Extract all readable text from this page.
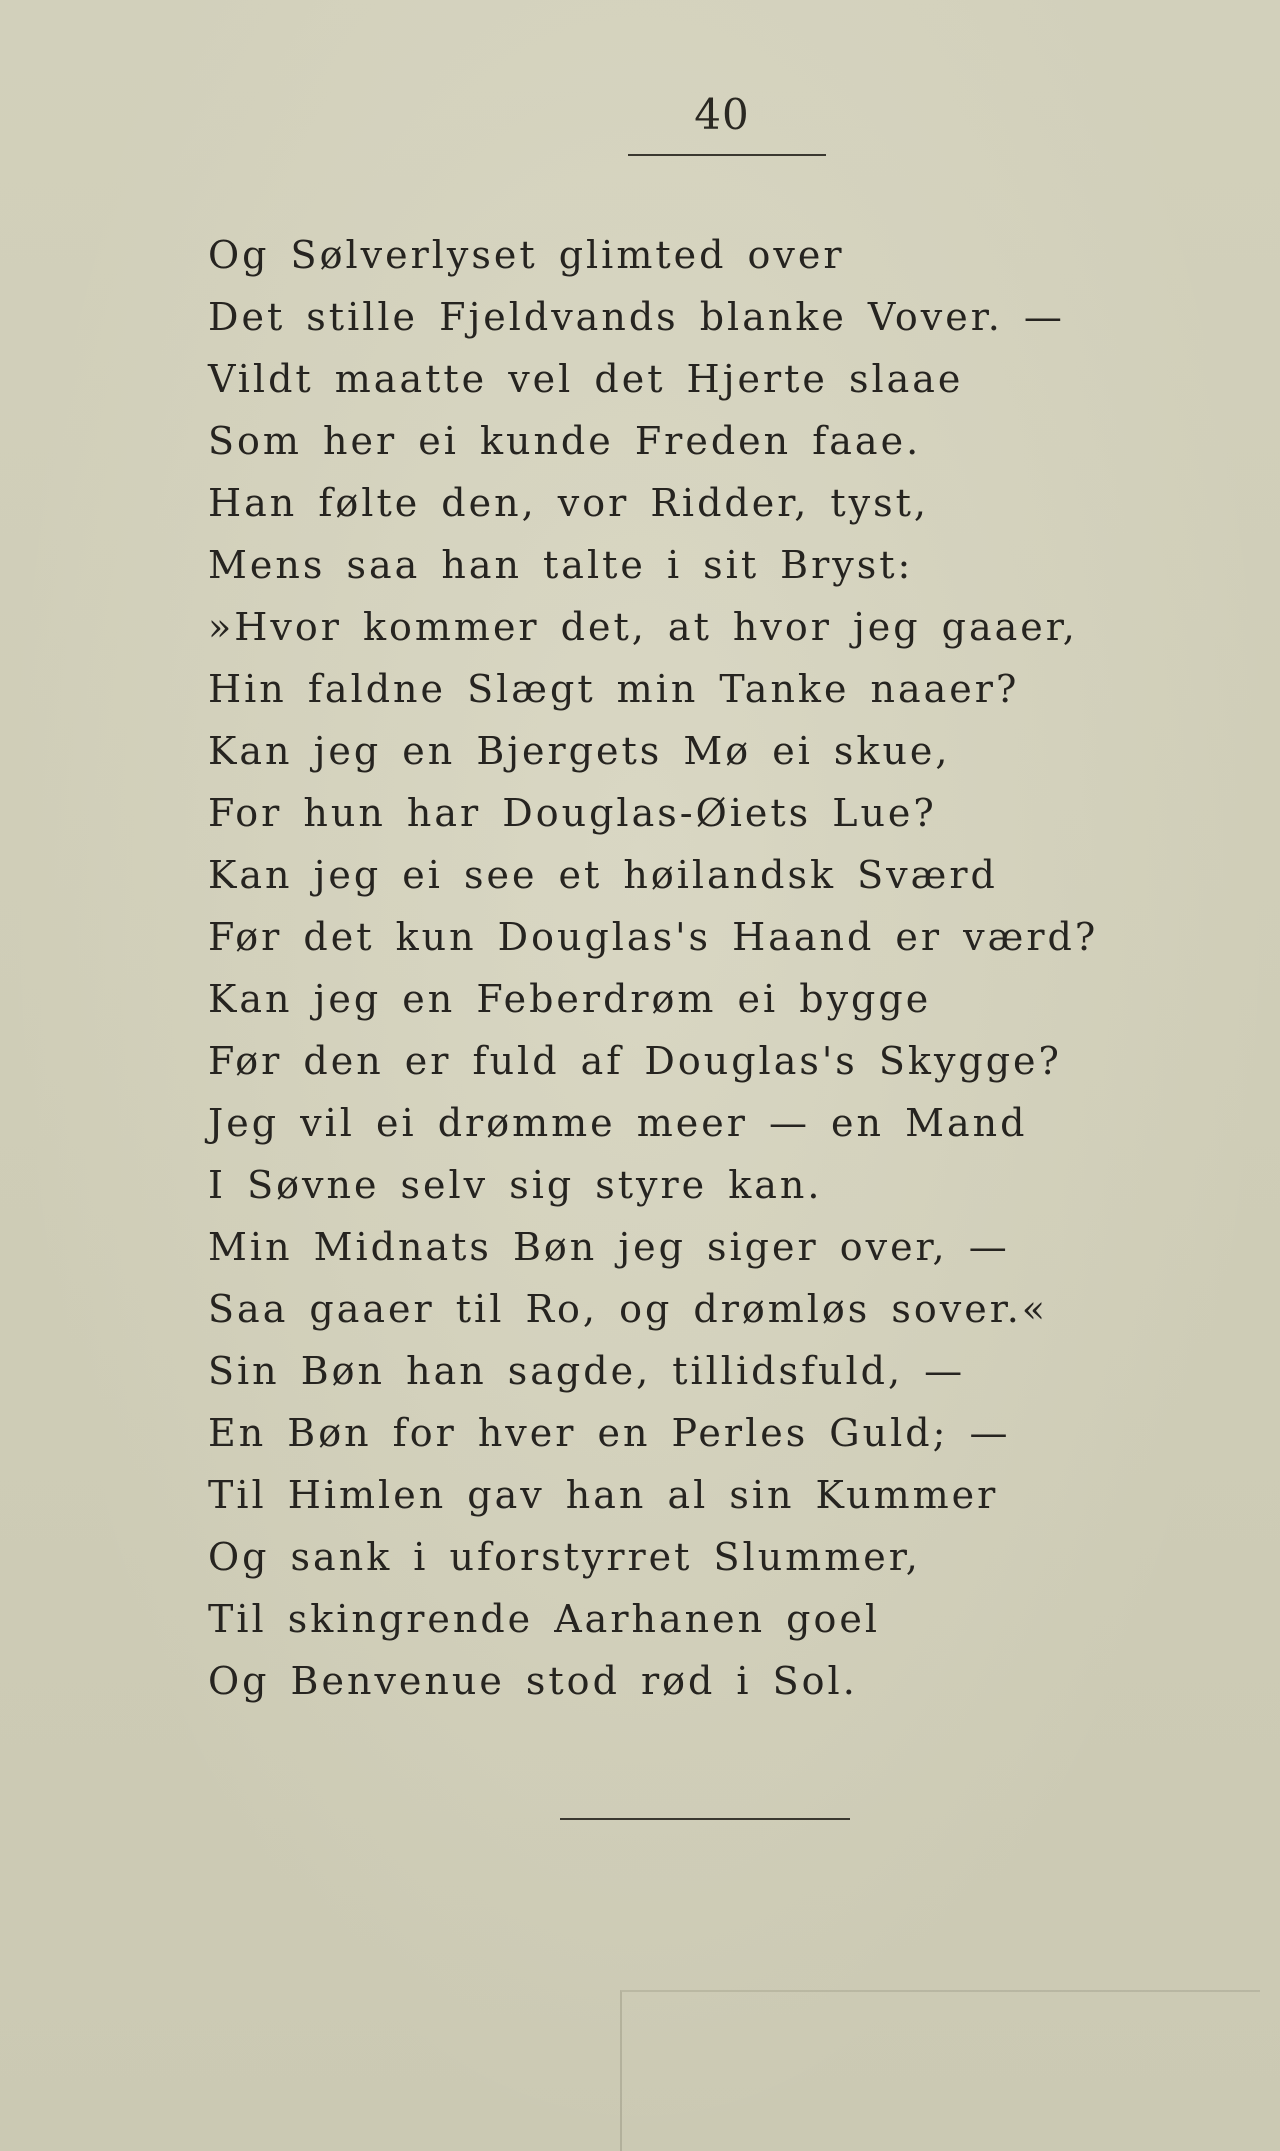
40
Og Sølverlyset glimted over
Det stille Fjeldvands blanke Vover. —
Vildt maatte vel det Hjerte slaae
Som her ei kunde Freden faae.
Han følte den, vor Ridder, tyst,
Mens saa han talte i sit Bryst:
»Hvor kommer det, at hvor jeg gaaer,
Hin faldne Slægt min Tanke naaer?
Kan jeg en Bjergets Mø ei skue,
For hun har Douglas-Øiets Lue?
Kan jeg ei see et høilandsk Sværd
Før det kun Douglas's Haand er værd?
Kan jeg en Feberdrøm ei bygge
Før den er fuld af Douglas's Skygge?
Jeg vil ei drømme meer — en Mand
I Søvne selv sig styre kan.
Min Midnats Bøn jeg siger over, —
Saa gaaer til Ro, og drømløs sover.«
Sin Bøn han sagde, tillidsfuld, —
En Bøn for hver en Perles Guld; —
Til Himlen gav han al sin Kummer
Og sank i uforstyrret Slummer,
Til skingrende Aarhanen goel
Og Benvenue stod rød i Sol.
